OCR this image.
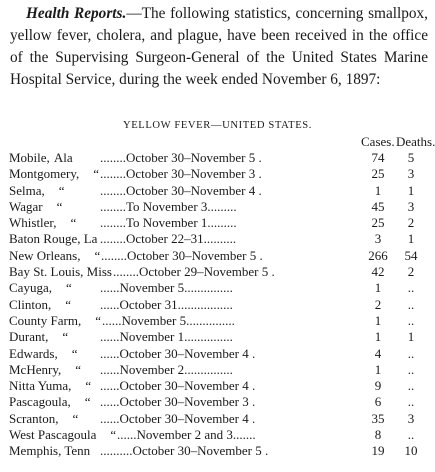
Health Reports.—The following statistics, concerning smallpox, yellow fever, cholera, and plague, have been received in the office of the Supervising Surgeon-General of the United States Marine Hospital Service, during the week ended November 6, 1897:

YELLOW FEVER—UNITED STATES.
Cases. Deaths.
Mobile, Ala ........October 30–November 5 .	74	5
Montgomery, “ ........October 30–November 3 .	25	3
Selma, “	........October 30–November 4 .	1	1
Wagar “	........To November 3.........	45	3
Whistler, “ ........To November 1.........	25	2
Baton Rouge, La ........October 22–31..........	3	1
New Orleans, “ ........October 30–November 5 .	266	54
Bay St. Louis, Miss ........October 29–November 5 .	42	2
Cayuga, “ ......November 5...............	1	..
Clinton, “ ......October 31.................	2	..
County Farm, “ ......November 5...............	1	..
Durant, “ ......November 1...............	1	1
Edwards, “ ......October 30–November 4 .	4	..
McHenry, “ ......November 2...............	1	..
Nitta Yuma, “ ......October 30–November 4 .	9	..
Pascagoula, “ ......October 30–November 3 .	6	..
Scranton, “ ......October 30–November 4 .	35	3
West Pascagoula “ ......November 2 and 3.......	8	..
Memphis, Tenn ..........October 30–November 5 .	19	10
